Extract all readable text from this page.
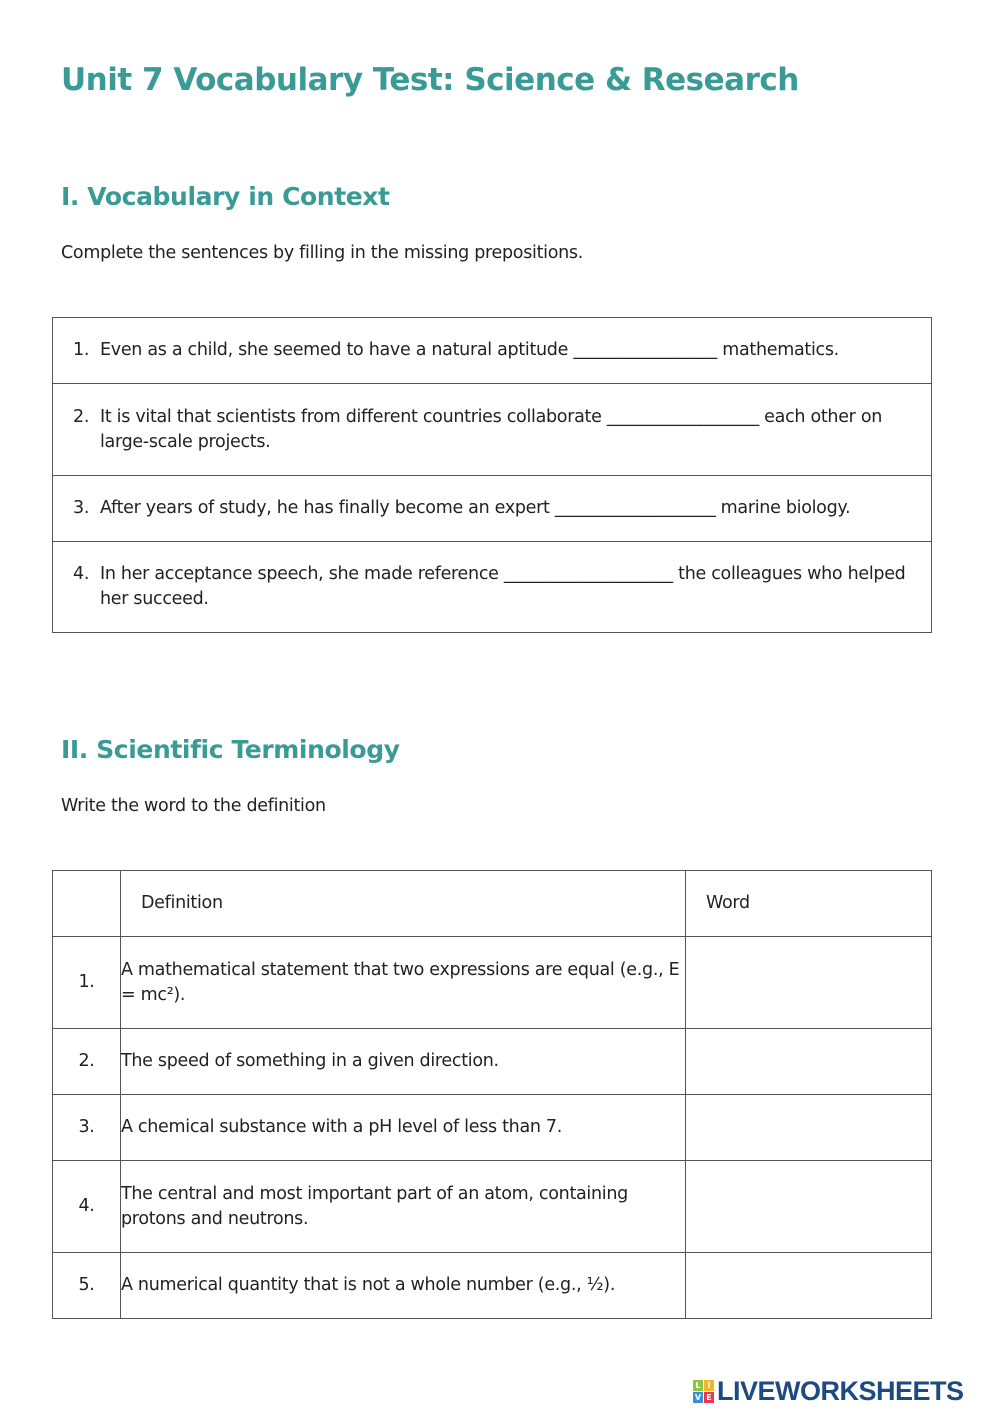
Unit 7 Vocabulary Test: Science & Research
I. Vocabulary in Context
Complete the sentences by filling in the missing prepositions.
1. Even as a child, she seemed to have a natural aptitude _________________ mathematics.

2. It is vital that scientists from different countries collaborate __________________ each other on large-scale projects.

3. After years of study, he has finally become an expert ___________________ marine biology.

4. In her acceptance speech, she made reference ____________________ the colleagues who helped her succeed.
II. Scientific Terminology
Write the word to the definition
	Definition	Word
1.	A mathematical statement that two expressions are equal (e.g., E = mc²).	
2.	The speed of something in a given direction.	
3.	A chemical substance with a pH level of less than 7.	
4.	The central and most important part of an atom, containing protons and neutrons.	
5.	A numerical quantity that is not a whole number (e.g., ½).	
L I
V E LIVEWORKSHEETS
